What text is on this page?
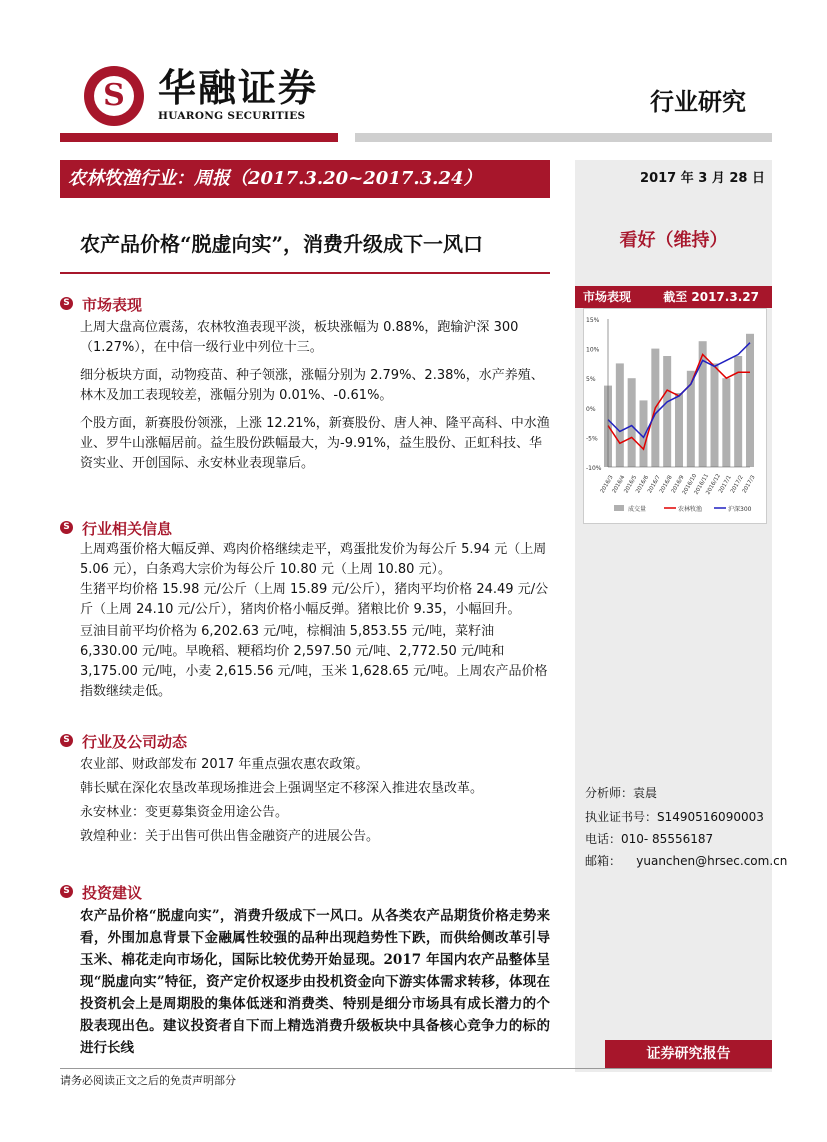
S 华融证券
HUARONG SECURITIES	行业研究
农林牧渔行业：周报（2017.3.20~2017.3.24）	2017 年 3 月 28 日
农产品价格“脱虚向实”，消费升级成下一风口	看好（维持）
S 市场表现

上周大盘高位震荡，农林牧渔表现平淡，板块涨幅为 0.88%，跑输沪深 300（1.27%），在中信一级行业中列位十三。

细分板块方面，动物疫苗、种子领涨，涨幅分别为 2.79%、2.38%，水产养殖、林木及加工表现较差，涨幅分别为 0.01%、-0.61%。

个股方面，新赛股份领涨，上涨 12.21%，新赛股份、唐人神、隆平高科、中水渔业、罗牛山涨幅居前。益生股份跌幅最大，为-9.91%，益生股份、正虹科技、华资实业、开创国际、永安林业表现靠后。

S 行业相关信息

上周鸡蛋价格大幅反弹、鸡肉价格继续走平，鸡蛋批发价为每公斤 5.94 元（上周 5.06 元），白条鸡大宗价为每公斤 10.80 元（上周 10.80 元）。

生猪平均价格 15.98 元/公斤（上周 15.89 元/公斤），猪肉平均价格 24.49 元/公斤（上周 24.10 元/公斤），猪肉价格小幅反弹。猪粮比价 9.35，小幅回升。

豆油目前平均价格为 6,202.63 元/吨，棕榈油 5,853.55 元/吨，菜籽油 6,330.00 元/吨。早晚稻、粳稻均价 2,597.50 元/吨、2,772.50 元/吨和 3,175.00 元/吨，小麦 2,615.56 元/吨，玉米 1,628.65 元/吨。上周农产品价格指数继续走低。

S 行业及公司动态

农业部、财政部发布 2017 年重点强农惠农政策。

韩长赋在深化农垦改革现场推进会上强调坚定不移深入推进农垦改革。

永安林业：变更募集资金用途公告。

敦煌种业：关于出售可供出售金融资产的进展公告。

S 投资建议
农产品价格“脱虚向实”，消费升级成下一风口。从各类农产品期货价格走势来看，外围加息背景下金融属性较强的品种出现趋势性下跌，而供给侧改革引导玉米、棉花走向市场化，国际比较优势开始显现。2017 年国内农产品整体呈现“脱虚向实”特征，资产定价权逐步由投机资金向下游实体需求转移，体现在投资机会上是周期股的集体低迷和消费类、特别是细分市场具有成长潜力的个股表现出色。建议投资者自下而上精选消费升级板块中具备核心竞争力的标的进行长线
市场表现	截至 2017.3.27
15%
10%
5%
0%
-5%
-10%
2016/3
2016/4
2016/5
2016/6
2016/7
2016/8
2016/9
2016/10
2016/11
2016/12
2017/1
2017/2
2017/3
成交量	农林牧渔	沪深300
分析师：袁晨
执业证书号：S1490516090003
电话：010- 85556187
邮箱：    yuanchen@hrsec.com.cn
证券研究报告
请务必阅读正文之后的免责声明部分
